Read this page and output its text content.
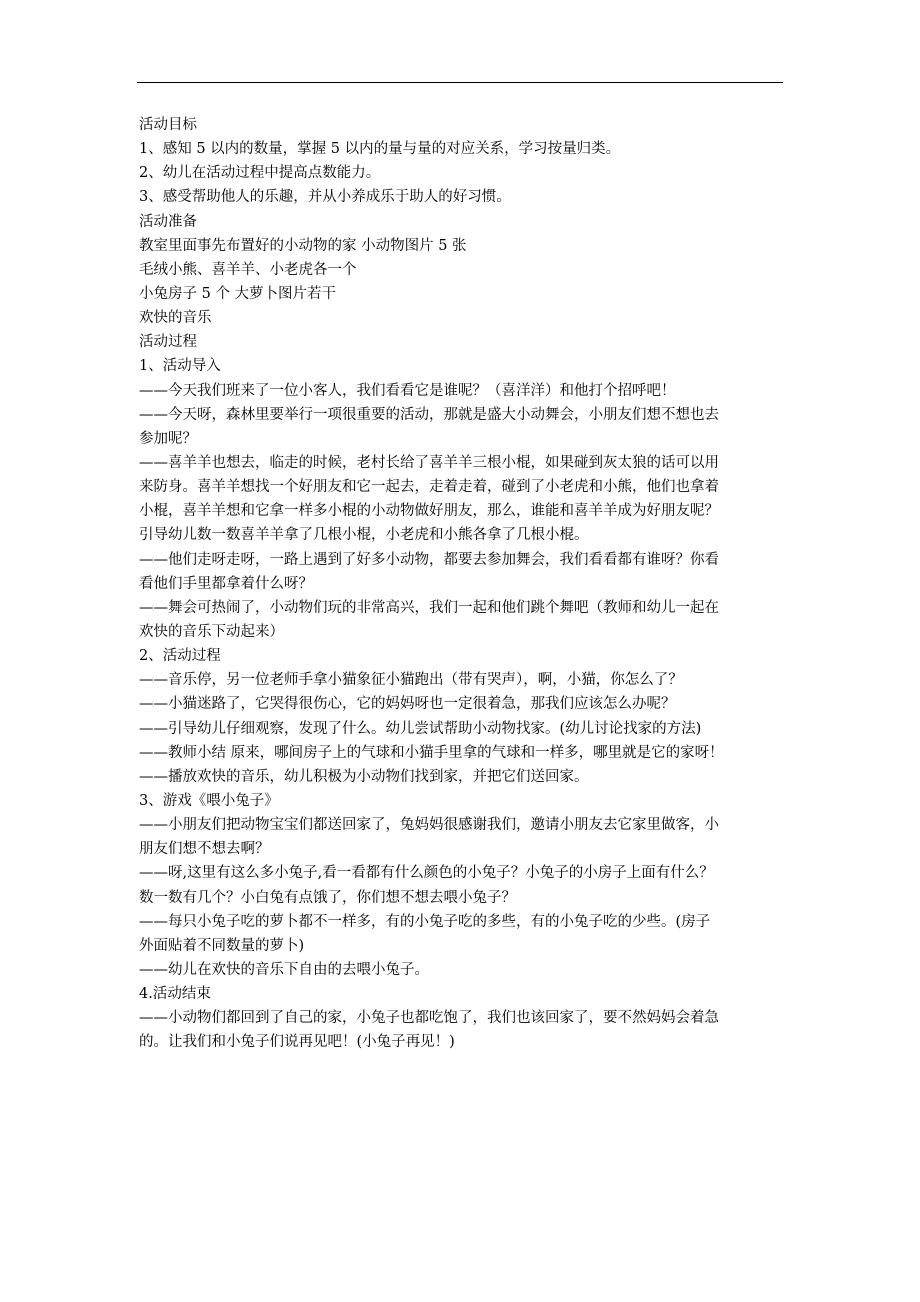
活动目标
1、感知 5 以内的数量，掌握 5 以内的量与量的对应关系，学习按量归类。
2、幼儿在活动过程中提高点数能力。
3、感受帮助他人的乐趣，并从小养成乐于助人的好习惯。
活动准备
教室里面事先布置好的小动物的家 小动物图片 5 张
毛绒小熊、喜羊羊、小老虎各一个
小兔房子 5 个 大萝卜图片若干
欢快的音乐
活动过程
1、活动导入
——今天我们班来了一位小客人，我们看看它是谁呢？（喜洋洋）和他打个招呼吧！
——今天呀，森林里要举行一项很重要的活动，那就是盛大小动舞会，小朋友们想不想也去
参加呢？
——喜羊羊也想去，临走的时候，老村长给了喜羊羊三根小棍，如果碰到灰太狼的话可以用
来防身。喜羊羊想找一个好朋友和它一起去，走着走着，碰到了小老虎和小熊，他们也拿着
小棍，喜羊羊想和它拿一样多小棍的小动物做好朋友，那么，谁能和喜羊羊成为好朋友呢？
引导幼儿数一数喜羊羊拿了几根小棍，小老虎和小熊各拿了几根小棍。
——他们走呀走呀，一路上遇到了好多小动物，都要去参加舞会，我们看看都有谁呀？你看
看他们手里都拿着什么呀？
——舞会可热闹了，小动物们玩的非常高兴，我们一起和他们跳个舞吧（教师和幼儿一起在
欢快的音乐下动起来）
2、活动过程
——音乐停，另一位老师手拿小猫象征小猫跑出（带有哭声），啊，小猫，你怎么了？
——小猫迷路了，它哭得很伤心，它的妈妈呀也一定很着急，那我们应该怎么办呢？
——引导幼儿仔细观察，发现了什么。幼儿尝试帮助小动物找家。(幼儿讨论找家的方法)
——教师小结 原来，哪间房子上的气球和小猫手里拿的气球和一样多，哪里就是它的家呀！
——播放欢快的音乐，幼儿积极为小动物们找到家，并把它们送回家。
3、游戏《喂小兔子》
——小朋友们把动物宝宝们都送回家了，兔妈妈很感谢我们，邀请小朋友去它家里做客，小
朋友们想不想去啊？
——呀,这里有这么多小兔子,看一看都有什么颜色的小兔子？小兔子的小房子上面有什么？
数一数有几个？小白兔有点饿了，你们想不想去喂小兔子？
——每只小兔子吃的萝卜都不一样多，有的小兔子吃的多些，有的小兔子吃的少些。(房子
外面贴着不同数量的萝卜)
——幼儿在欢快的音乐下自由的去喂小兔子。
4.活动结束
——小动物们都回到了自己的家，小兔子也都吃饱了，我们也该回家了，要不然妈妈会着急
的。让我们和小兔子们说再见吧！(小兔子再见！)
